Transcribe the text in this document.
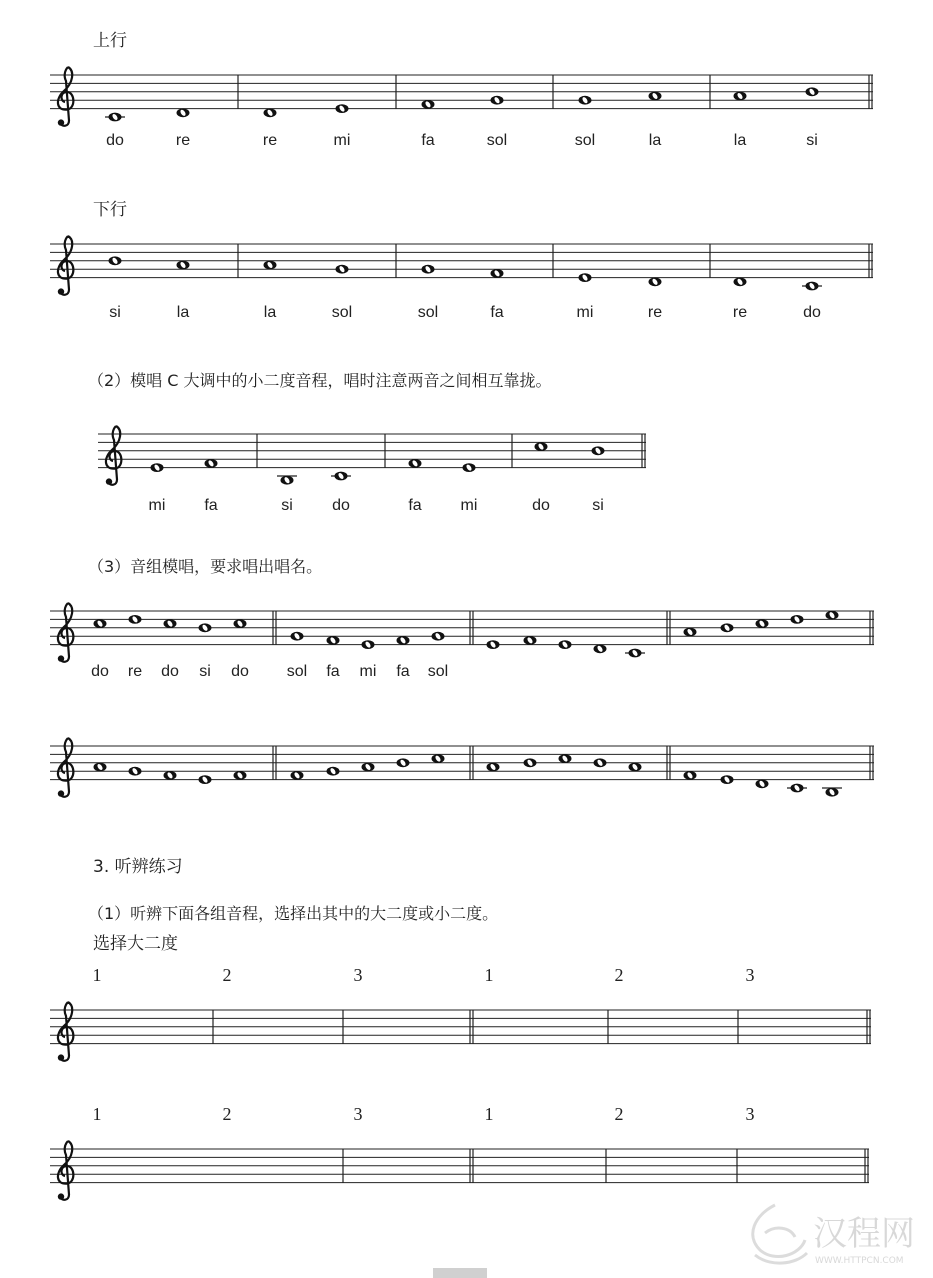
上行
下行
（2）模唱 C 大调中的小二度音程，唱时注意两音之间相互靠拢。
（3）音组模唱，要求唱出唱名。
3. 听辨练习
（1）听辨下面各组音程，选择出其中的大二度或小二度。
选择大二度
do	re	re	mi	fa	sol	sol	la	la	si
si	la	la	sol	sol	fa	mi	re	re	do
mi fa	si do	fa mi	do	si
do re do si do sol fa mi fa sol
1	2	3	1	2	3
1	2	3	1	2	3
汉程网
WWW.HTTPCN.COM
